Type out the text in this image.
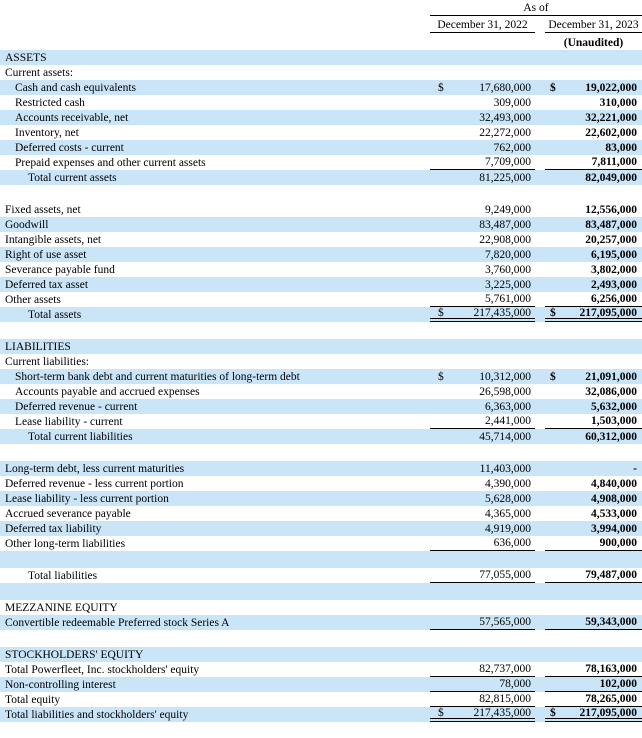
As of
December 31, 2022	December 31, 2023
(Unaudited)
ASSETS
Current assets:
Cash and cash equivalents	$	17,680,000 $	19,022,000
Restricted cash	309,000	310,000
Accounts receivable, net	32,493,000	32,221,000
Inventory, net	22,272,000	22,602,000
Deferred costs - current	762,000	83,000
Prepaid expenses and other current assets	7,709,000	7,811,000
Total current assets	81,225,000	82,049,000
Fixed assets, net	9,249,000	12,556,000
Goodwill	83,487,000	83,487,000
Intangible assets, net	22,908,000	20,257,000
Right of use asset	7,820,000	6,195,000
Severance payable fund	3,760,000	3,802,000
Deferred tax asset	3,225,000	2,493,000
Other assets	5,761,000	6,256,000
Total assets	$	217,435,000 $ 217,095,000
LIABILITIES
Current liabilities:
Short-term bank debt and current maturities of long-term debt	$	10,312,000 $	21,091,000
Accounts payable and accrued expenses	26,598,000	32,086,000
Deferred revenue - current	6,363,000	5,632,000
Lease liability - current	2,441,000	1,503,000
Total current liabilities	45,714,000	60,312,000
Long-term debt, less current maturities	11,403,000	-
Deferred revenue - less current portion	4,390,000	4,840,000
Lease liability - less current portion	5,628,000	4,908,000
Accrued severance payable	4,365,000	4,533,000
Deferred tax liability	4,919,000	3,994,000
Other long-term liabilities	636,000	900,000
Total liabilities	77,055,000	79,487,000
MEZZANINE EQUITY
Convertible redeemable Preferred stock Series A	57,565,000	59,343,000
STOCKHOLDERS' EQUITY
Total Powerfleet, Inc. stockholders' equity	82,737,000	78,163,000
Non-controlling interest	78,000	102,000
Total equity	82,815,000	78,265,000
Total liabilities and stockholders' equity	$	217,435,000 $ 217,095,000
